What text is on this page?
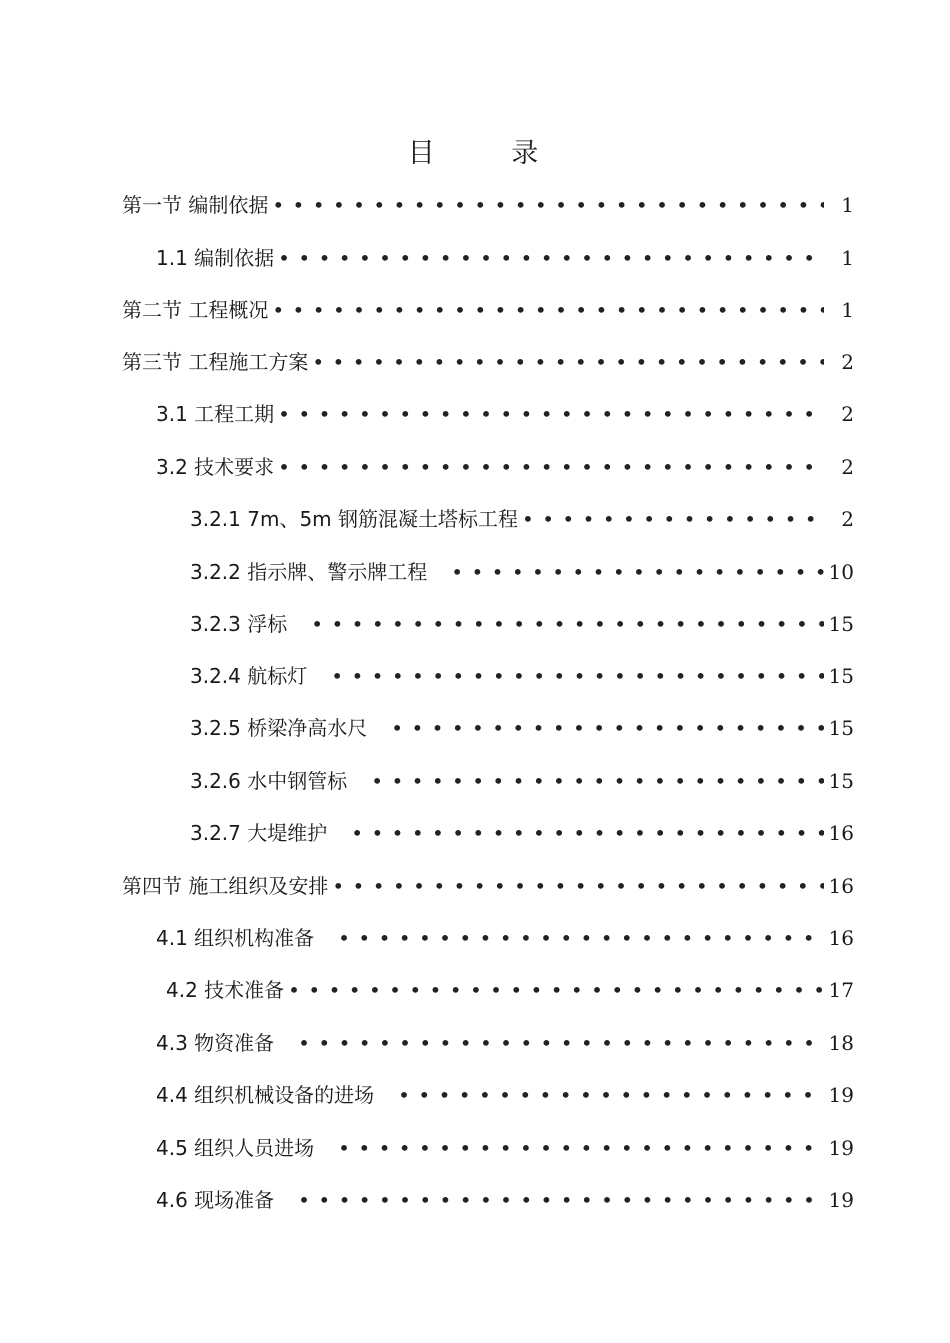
目 录
第一节 编制依据 •••••	1
1.1 编制依据 •••••	1
第二节 工程概况 •••••	1
第三节 工程施工方案 •••••	2
3.1 工程工期 •••••	2
3.2 技术要求 •••••	2
3.2.1 7m、5m 钢筋混凝土塔标工程 •••••	2
3.2.2 指示牌、警示牌工程 •••••	10
3.2.3 浮标 •••••	15
3.2.4 航标灯 •••••	15
3.2.5 桥梁净高水尺 •••••	15
3.2.6 水中钢管标 •••••	15
3.2.7 大堤维护 •••••	16
第四节 施工组织及安排 •••••	16
4.1 组织机构准备 •••••	16
4.2 技术准备 •••••	17
4.3 物资准备 •••••	18
4.4 组织机械设备的进场 •••••	19
4.5 组织人员进场 •••••	19
4.6 现场准备 •••••	19
